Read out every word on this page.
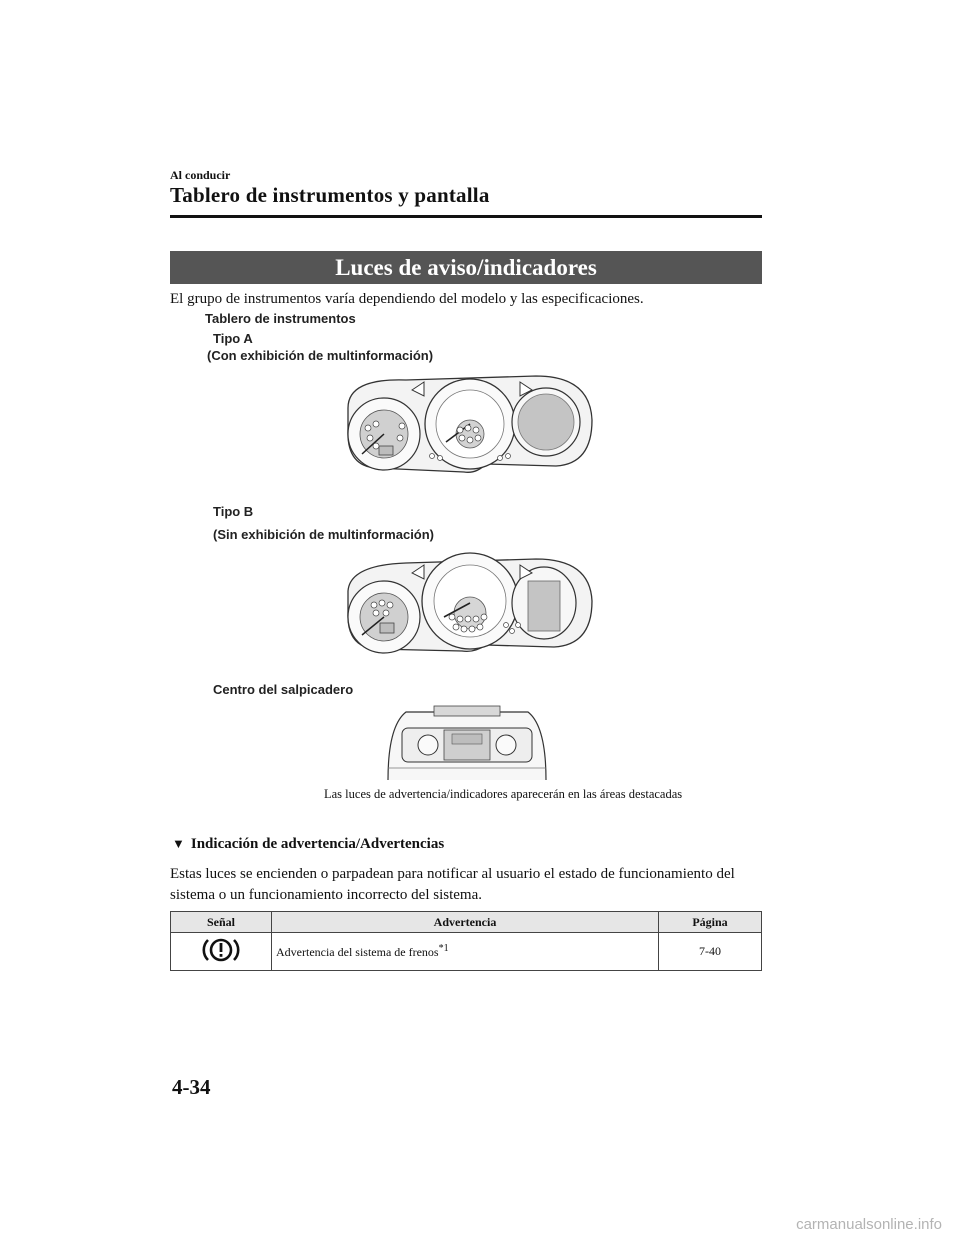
Al conducir
Tablero de instrumentos y pantalla
Luces de aviso/indicadores
El grupo de instrumentos varía dependiendo del modelo y las especificaciones.
Tablero de instrumentos
Tipo A
(Con exhibición de multinformación)
Tipo B
(Sin exhibición de multinformación)
Centro del salpicadero
Las luces de advertencia/indicadores aparecerán en las áreas destacadas
▼ Indicación de advertencia/Advertencias
Estas luces se encienden o parpadean para notificar al usuario el estado de funcionamiento del sistema o un funcionamiento incorrecto del sistema.
Señal	Advertencia	Página
	Advertencia del sistema de frenos$^{*1}$	7-40
4-34
carmanualsonline.info
